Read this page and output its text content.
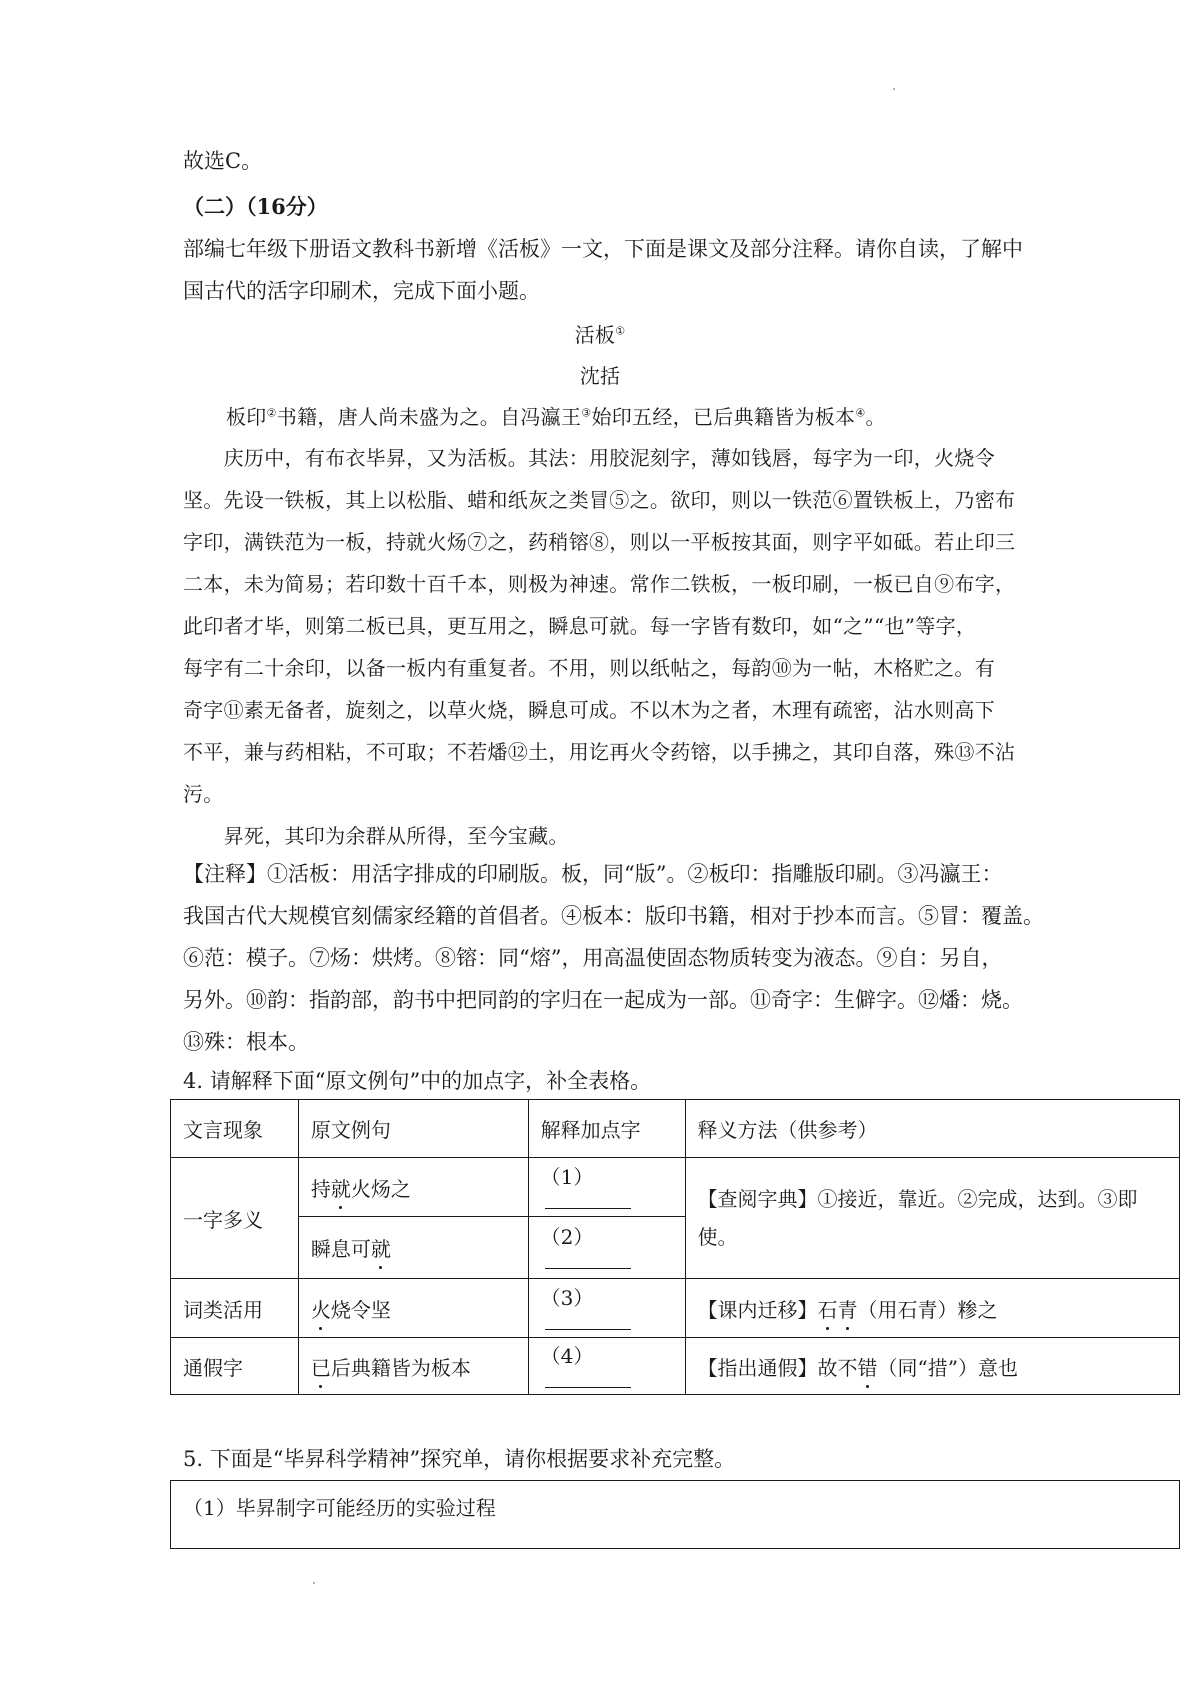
故选C。
（二）（16分）
部编七年级下册语文教科书新增《活板》一文，下面是课文及部分注释。请你自读，了解中
国古代的活字印刷术，完成下面小题。
活板①
沈括
板印②书籍，唐人尚未盛为之。自冯瀛王③始印五经，已后典籍皆为板本④。
　　庆历中，有布衣毕昇，又为活板。其法：用胶泥刻字，薄如钱唇，每字为一印，火烧令
坚。先设一铁板，其上以松脂、蜡和纸灰之类冒⑤之。欲印，则以一铁范⑥置铁板上，乃密布
字印，满铁范为一板，持就火炀⑦之，药稍镕⑧，则以一平板按其面，则字平如砥。若止印三
二本，未为简易；若印数十百千本，则极为神速。常作二铁板，一板印刷，一板已自⑨布字，
此印者才毕，则第二板已具，更互用之，瞬息可就。每一字皆有数印，如“之”“也”等字，
每字有二十余印，以备一板内有重复者。不用，则以纸帖之，每韵⑩为一帖，木格贮之。有
奇字⑪素无备者，旋刻之，以草火烧，瞬息可成。不以木为之者，木理有疏密，沾水则高下
不平，兼与药相粘，不可取；不若燔⑫土，用讫再火令药镕，以手拂之，其印自落，殊⑬不沾
污。
　　昇死，其印为余群从所得，至今宝藏。
【注释】①活板：用活字排成的印刷版。板，同“版”。②板印：指雕版印刷。③冯瀛王：
我国古代大规模官刻儒家经籍的首倡者。④板本：版印书籍，相对于抄本而言。⑤冒：覆盖。
⑥范：模子。⑦炀：烘烤。⑧镕：同“熔”，用高温使固态物质转变为液态。⑨自：另自，
另外。⑩韵：指韵部，韵书中把同韵的字归在一起成为一部。⑪奇字：生僻字。⑫燔：烧。
⑬殊：根本。
4. 请解释下面“原文例句”中的加点字，补全表格。
文言现象	原文例句	解释加点字	释义方法（供参考）
一字多义	持就火炀之	（1）	【查阅字典】①接近，靠近。②完成，达到。③即使。
	瞬息可就	（2）	
词类活用	火烧令坚	（3）	【课内迁移】石青（用石青）糁之
通假字	已后典籍皆为板本	（4）	【指出通假】故不错（同“措”）意也
5. 下面是“毕昇科学精神”探究单，请你根据要求补充完整。
（1）毕昇制字可能经历的实验过程
